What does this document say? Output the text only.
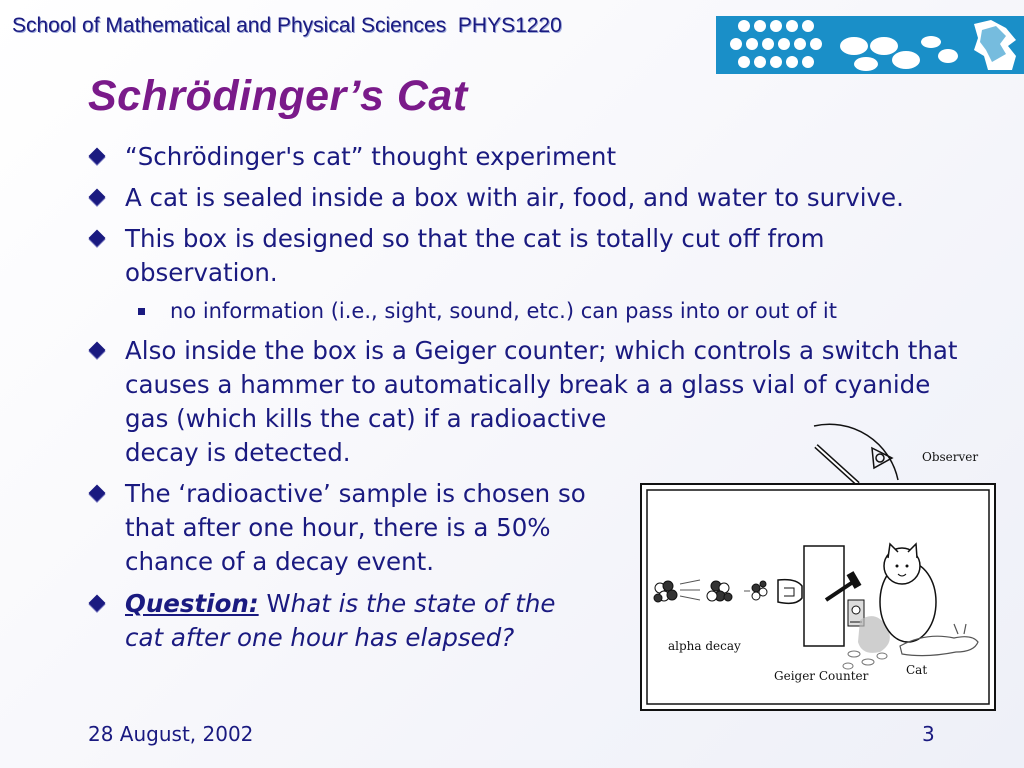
School of Mathematical and Physical Sciences  PHYS1220
Schrödinger’s Cat
“Schrödinger's cat” thought experiment
A cat is sealed inside a box with air, food, and water to survive.
This box is designed so that the cat is totally cut off from
observation.
no information (i.e., sight, sound, etc.) can pass into or out of it
Also inside the box is a Geiger counter; which controls a switch that
causes a hammer to automatically break a a glass vial of cyanide
gas (which kills the cat) if a radioactive
decay is detected.
The ‘radioactive’ sample is chosen so
that after one hour, there is a 50%
chance of a decay event.
Question: What is the state of the
cat after one hour has elapsed?
Observer
alpha decay
Geiger Counter	Cat
28 August, 2002	3
